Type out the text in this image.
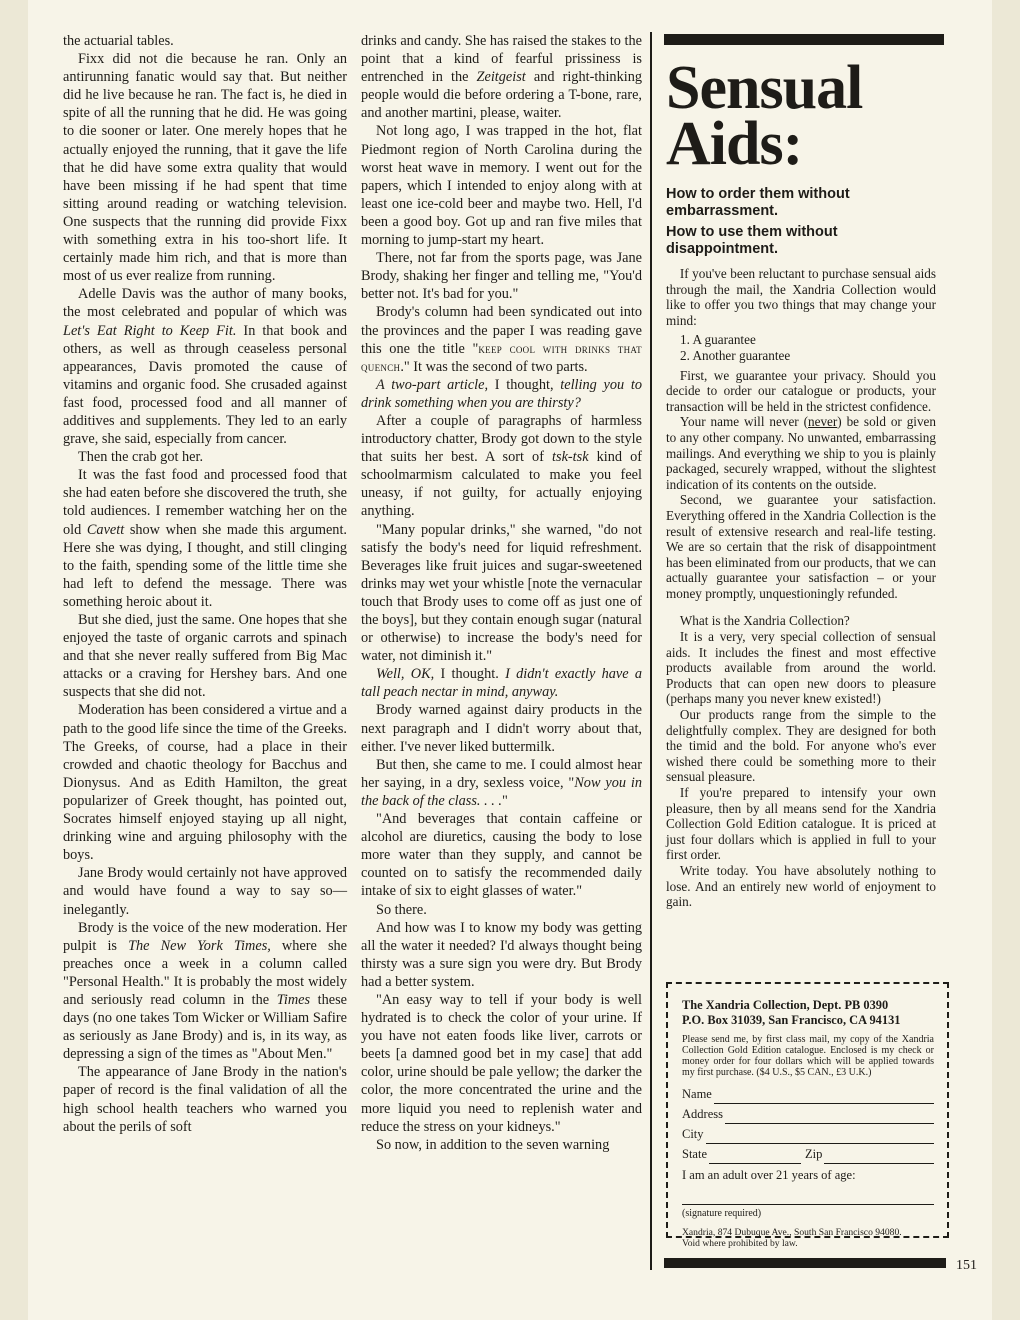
the actuarial tables.

Fixx did not die because he ran. Only an antirunning fanatic would say that. But neither did he live because he ran. The fact is, he died in spite of all the running that he did. He was going to die sooner or later. One merely hopes that he actually enjoyed the running, that it gave the life that he did have some extra quality that would have been missing if he had spent that time sitting around reading or watching television. One suspects that the running did provide Fixx with something extra in his too-short life. It certainly made him rich, and that is more than most of us ever realize from running.

Adelle Davis was the author of many books, the most celebrated and popular of which was Let's Eat Right to Keep Fit. In that book and others, as well as through ceaseless personal appearances, Davis promoted the cause of vitamins and organic food. She crusaded against fast food, processed food and all manner of additives and supplements. They led to an early grave, she said, especially from cancer.

Then the crab got her.

It was the fast food and processed food that she had eaten before she discovered the truth, she told audiences. I remember watching her on the old Cavett show when she made this argument. Here she was dying, I thought, and still clinging to the faith, spending some of the little time she had left to defend the message. There was something heroic about it.

But she died, just the same. One hopes that she enjoyed the taste of organic carrots and spinach and that she never really suffered from Big Mac attacks or a craving for Hershey bars. And one suspects that she did not.

Moderation has been considered a virtue and a path to the good life since the time of the Greeks. The Greeks, of course, had a place in their crowded and chaotic theology for Bacchus and Dionysus. And as Edith Hamilton, the great popularizer of Greek thought, has pointed out, Socrates himself enjoyed staying up all night, drinking wine and arguing philosophy with the boys.

Jane Brody would certainly not have approved and would have found a way to say so—inelegantly.

Brody is the voice of the new moderation. Her pulpit is The New York Times, where she preaches once a week in a column called "Personal Health." It is probably the most widely and seriously read column in the Times these days (no one takes Tom Wicker or William Safire as seriously as Jane Brody) and is, in its way, as depressing a sign of the times as "About Men."

The appearance of Jane Brody in the nation's paper of record is the final validation of all the high school health teachers who warned you about the perils of soft

drinks and candy. She has raised the stakes to the point that a kind of fearful prissiness is entrenched in the Zeitgeist and right-thinking people would die before ordering a T-bone, rare, and another martini, please, waiter.

Not long ago, I was trapped in the hot, flat Piedmont region of North Carolina during the worst heat wave in memory. I went out for the papers, which I intended to enjoy along with at least one ice-cold beer and maybe two. Hell, I'd been a good boy. Got up and ran five miles that morning to jump-start my heart.

There, not far from the sports page, was Jane Brody, shaking her finger and telling me, "You'd better not. It's bad for you."

Brody's column had been syndicated out into the provinces and the paper I was reading gave this one the title "keep cool with drinks that quench." It was the second of two parts.

A two-part article, I thought, telling you to drink something when you are thirsty?

After a couple of paragraphs of harmless introductory chatter, Brody got down to the style that suits her best. A sort of tsk-tsk kind of schoolmarmism calculated to make you feel uneasy, if not guilty, for actually enjoying anything.

"Many popular drinks," she warned, "do not satisfy the body's need for liquid refreshment. Beverages like fruit juices and sugar-sweetened drinks may wet your whistle [note the vernacular touch that Brody uses to come off as just one of the boys], but they contain enough sugar (natural or otherwise) to increase the body's need for water, not diminish it."

Well, OK, I thought. I didn't exactly have a tall peach nectar in mind, anyway.

Brody warned against dairy products in the next paragraph and I didn't worry about that, either. I've never liked buttermilk.

But then, she came to me. I could almost hear her saying, in a dry, sexless voice, "Now you in the back of the class. . . ."

"And beverages that contain caffeine or alcohol are diuretics, causing the body to lose more water than they supply, and cannot be counted on to satisfy the recommended daily intake of six to eight glasses of water."

So there.

And how was I to know my body was getting all the water it needed? I'd always thought being thirsty was a sure sign you were dry. But Brody had a better system.

"An easy way to tell if your body is well hydrated is to check the color of your urine. If you have not eaten foods like liver, carrots or beets [a damned good bet in my case] that add color, urine should be pale yellow; the darker the color, the more concentrated the urine and the more liquid you need to replenish water and reduce the stress on your kidneys."

So now, in addition to the seven warning

Sensual
Aids:

How to order them without embarrassment.

How to use them without disappointment.

If you've been reluctant to purchase sensual aids through the mail, the Xandria Collection would like to offer you two things that may change your mind:

1. A guarantee
2. Another guarantee

First, we guarantee your privacy. Should you decide to order our catalogue or products, your transaction will be held in the strictest confidence.

Your name will never (never) be sold or given to any other company. No unwanted, embarrassing mailings. And everything we ship to you is plainly packaged, securely wrapped, without the slightest indication of its contents on the outside.

Second, we guarantee your satisfaction. Everything offered in the Xandria Collection is the result of extensive research and real-life testing. We are so certain that the risk of disappointment has been eliminated from our products, that we can actually guarantee your satisfaction – or your money promptly, unquestioningly refunded.

What is the Xandria Collection?

It is a very, very special collection of sensual aids. It includes the finest and most effective products available from around the world. Products that can open new doors to pleasure (perhaps many you never knew existed!)

Our products range from the simple to the delightfully complex. They are designed for both the timid and the bold. For anyone who's ever wished there could be something more to their sensual pleasure.

If you're prepared to intensify your own pleasure, then by all means send for the Xandria Collection Gold Edition catalogue. It is priced at just four dollars which is applied in full to your first order.

Write today. You have absolutely nothing to lose. And an entirely new world of enjoyment to gain.

The Xandria Collection, Dept. PB 0390

P.O. Box 31039, San Francisco, CA 94131

Please send me, by first class mail, my copy of the Xandria Collection Gold Edition catalogue. Enclosed is my check or money order for four dollars which will be applied towards my first purchase. ($4 U.S., $5 CAN., £3 U.K.)

Name
Address
City
State	Zip

I am an adult over 21 years of age:

(signature required)

Xandria, 874 Dubuque Ave., South San Francisco 94080.

Void where prohibited by law.

151
